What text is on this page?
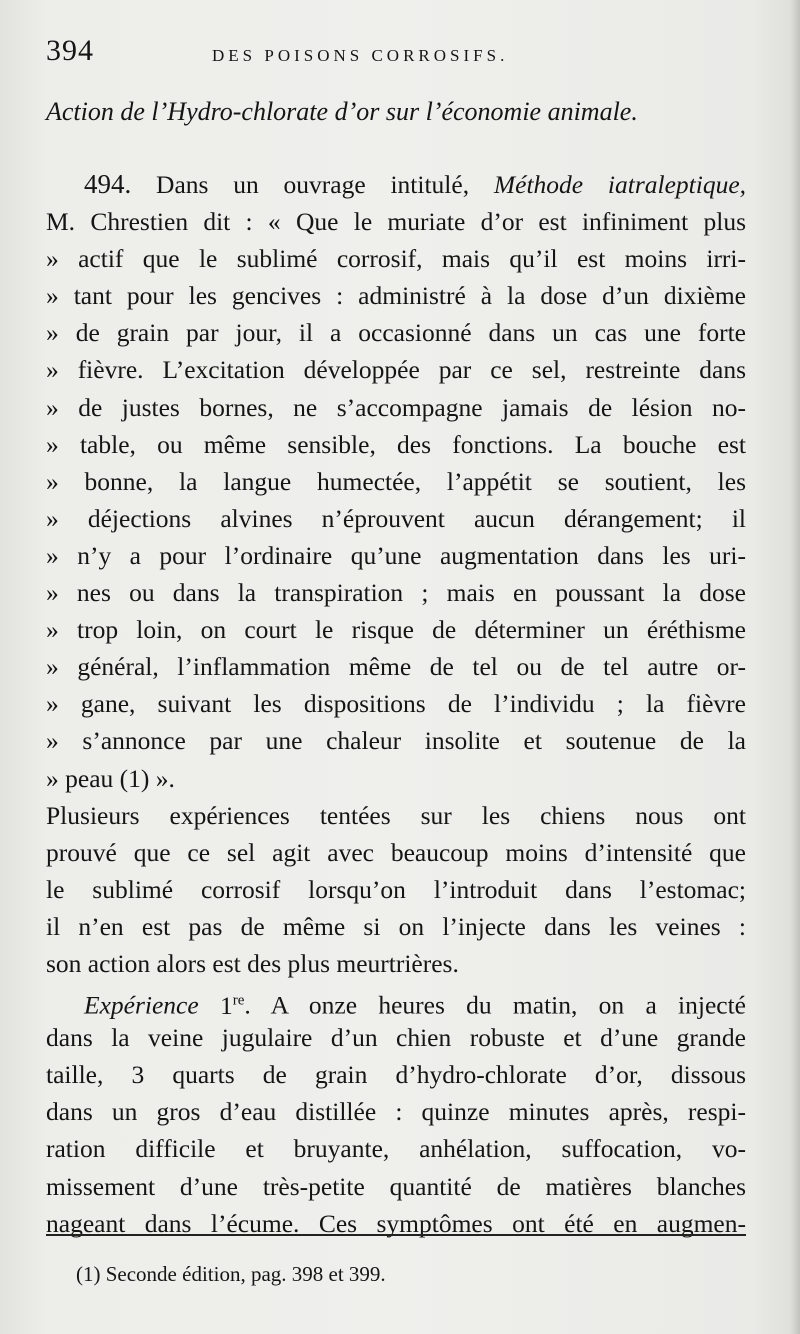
394	DES POISONS CORROSIFS.
Action de l’Hydro-chlorate d’or sur l’économie animale.
494. Dans un ouvrage intitulé, Méthode iatraleptique,
M. Chrestien dit : « Que le muriate d’or est infiniment plus
» actif que le sublimé corrosif, mais qu’il est moins irri-
» tant pour les gencives : administré à la dose d’un dixième
» de grain par jour, il a occasionné dans un cas une forte
» fièvre. L’excitation développée par ce sel, restreinte dans
» de justes bornes, ne s’accompagne jamais de lésion no-
» table, ou même sensible, des fonctions. La bouche est
» bonne, la langue humectée, l’appétit se soutient, les
» déjections alvines n’éprouvent aucun dérangement; il
» n’y a pour l’ordinaire qu’une augmentation dans les uri-
» nes ou dans la transpiration ; mais en poussant la dose
» trop loin, on court le risque de déterminer un éréthisme
» général, l’inflammation même de tel ou de tel autre or-
» gane, suivant les dispositions de l’individu ; la fièvre
» s’annonce par une chaleur insolite et soutenue de la
» peau (1) ».
Plusieurs expériences tentées sur les chiens nous ont
prouvé que ce sel agit avec beaucoup moins d’intensité que
le sublimé corrosif lorsqu’on l’introduit dans l’estomac;
il n’en est pas de même si on l’injecte dans les veines :
son action alors est des plus meurtrières.
Expérience 1re. A onze heures du matin, on a injecté
dans la veine jugulaire d’un chien robuste et d’une grande
taille, 3 quarts de grain d’hydro-chlorate d’or, dissous
dans un gros d’eau distillée : quinze minutes après, respi-
ration difficile et bruyante, anhélation, suffocation, vo-
missement d’une très-petite quantité de matières blanches
nageant dans l’écume. Ces symptômes ont été en augmen-
(1) Seconde édition, pag. 398 et 399.
